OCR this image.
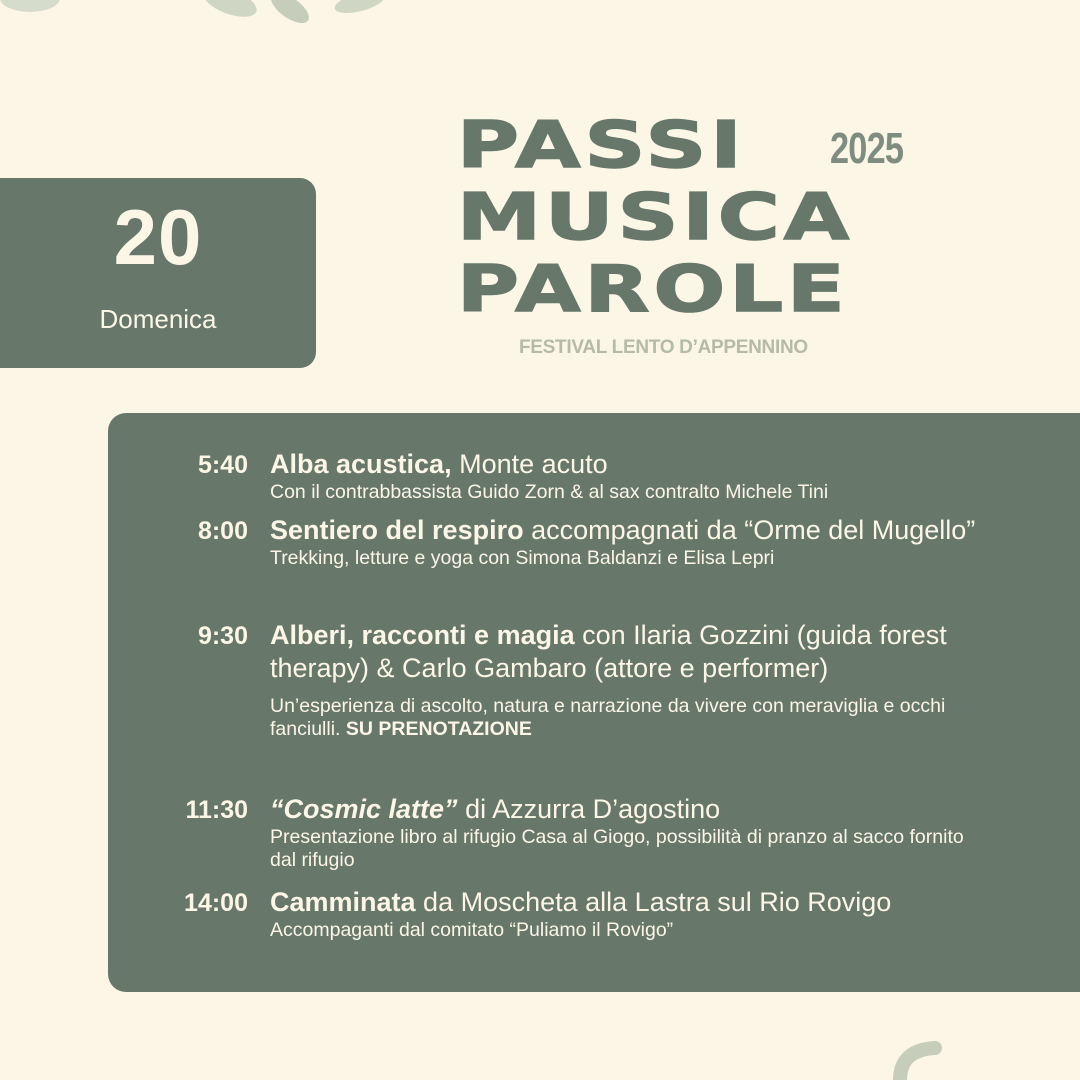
20
Domenica
PASSI
MUSICA
PAROLE
2025
FESTIVAL LENTO D’APPENNINO
5:40 Alba acustica, Monte acuto
Con il contrabbassista Guido Zorn & al sax contralto Michele Tini
8:00 Sentiero del respiro accompagnati da “Orme del Mugello”
Trekking, letture e yoga con Simona Baldanzi e Elisa Lepri
9:30 Alberi, racconti e magia con Ilaria Gozzini (guida forest therapy) & Carlo Gambaro (attore e performer)
Un’esperienza di ascolto, natura e narrazione da vivere con meraviglia e occhi fanciulli. SU PRENOTAZIONE
11:30 “Cosmic latte” di Azzurra D’agostino
Presentazione libro al rifugio Casa al Giogo, possibilità di pranzo al sacco fornito dal rifugio
14:00 Camminata da Moscheta alla Lastra sul Rio Rovigo
Accompaganti dal comitato “Puliamo il Rovigo”
